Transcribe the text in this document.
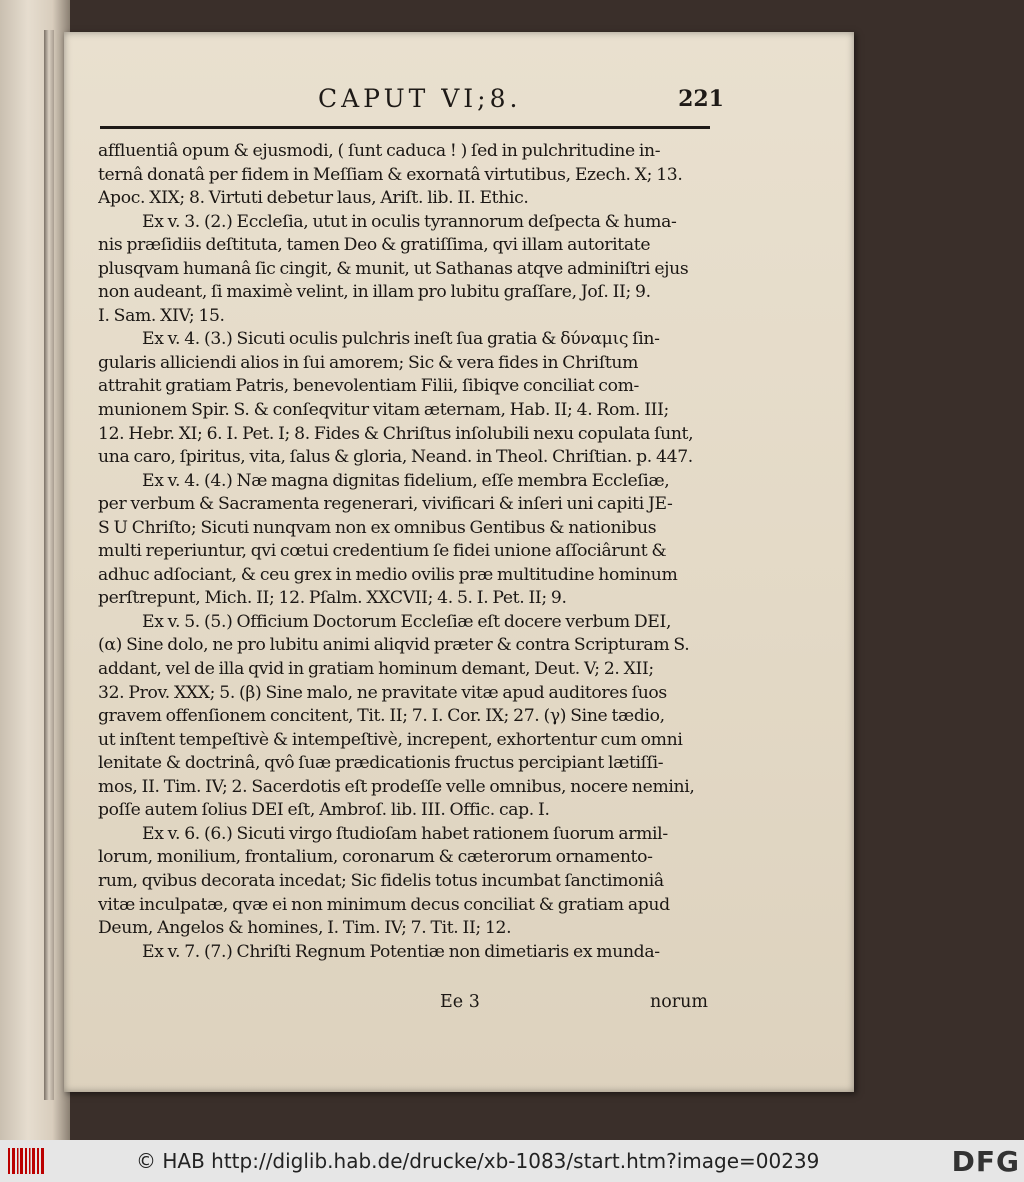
CAPUT VI;8.	221
affluentiâ opum & ejusmodi, ( ſunt caduca ! ) ſed in pulchritudine in-
ternâ donatâ per fidem in Meſſiam & exornatâ virtutibus, Ezech. X; 13.
Apoc. XIX; 8. Virtuti debetur laus, Ariſt. lib. II. Ethic.
Ex v. 3. (2.) Eccleſia, utut in oculis tyrannorum deſpecta & huma-
nis præſidiis deſtituta, tamen Deo & gratiſſima, qvi illam autoritate
plusqvam humanâ ſic cingit, & munit, ut Sathanas atqve adminiſtri ejus
non audeant, ſi maximè velint, in illam pro lubitu graſſare, Joſ. II; 9.
I. Sam. XIV; 15.
Ex v. 4. (3.) Sicuti oculis pulchris ineſt ſua gratia & δύναμις ſin-
gularis alliciendi alios in ſui amorem; Sic & vera fides in Chriſtum
attrahit gratiam Patris, benevolentiam Filii, ſibiqve conciliat com-
munionem Spir. S. & conſeqvitur vitam æternam, Hab. II; 4. Rom. III;
12. Hebr. XI; 6. I. Pet. I; 8. Fides & Chriſtus inſolubili nexu copulata ſunt,
una caro, ſpiritus, vita, ſalus & gloria, Neand. in Theol. Chriſtian. p. 447.
Ex v. 4. (4.) Næ magna dignitas fidelium, eſſe membra Eccleſiæ,
per verbum & Sacramenta regenerari, vivificari & inſeri uni capiti JE-
S U Chriſto; Sicuti nunqvam non ex omnibus Gentibus & nationibus
multi reperiuntur, qvi cœtui credentium ſe fidei unione aſſociârunt &
adhuc adſociant, & ceu grex in medio ovilis præ multitudine hominum
perſtrepunt, Mich. II; 12. Pſalm. XXCVII; 4. 5. I. Pet. II; 9.
Ex v. 5. (5.) Officium Doctorum Eccleſiæ eſt docere verbum DEI,
(α) Sine dolo, ne pro lubitu animi aliqvid præter & contra Scripturam S.
addant, vel de illa qvid in gratiam hominum demant, Deut. V; 2. XII;
32. Prov. XXX; 5. (β) Sine malo, ne pravitate vitæ apud auditores ſuos
gravem offenſionem concitent, Tit. II; 7. I. Cor. IX; 27. (γ) Sine tædio,
ut inſtent tempeſtivè & intempeſtivè, increpent, exhortentur cum omni
lenitate & doctrinâ, qvô ſuæ prædicationis fructus percipiant lætiſſi-
mos, II. Tim. IV; 2. Sacerdotis eſt prodeſſe velle omnibus, nocere nemini,
poſſe autem ſolius DEI eſt, Ambroſ. lib. III. Offic. cap. I.
Ex v. 6. (6.) Sicuti virgo ſtudioſam habet rationem ſuorum armil-
lorum, monilium, frontalium, coronarum & cæterorum ornamento-
rum, qvibus decorata incedat; Sic fidelis totus incumbat ſanctimoniâ
vitæ inculpatæ, qvæ ei non minimum decus conciliat & gratiam apud
Deum, Angelos & homines, I. Tim. IV; 7. Tit. II; 12.
Ex v. 7. (7.) Chriſti Regnum Potentiæ non dimetiaris ex munda-
Ee 3	norum
© HAB http://diglib.hab.de/drucke/xb-1083/start.htm?image=00239	DFG
